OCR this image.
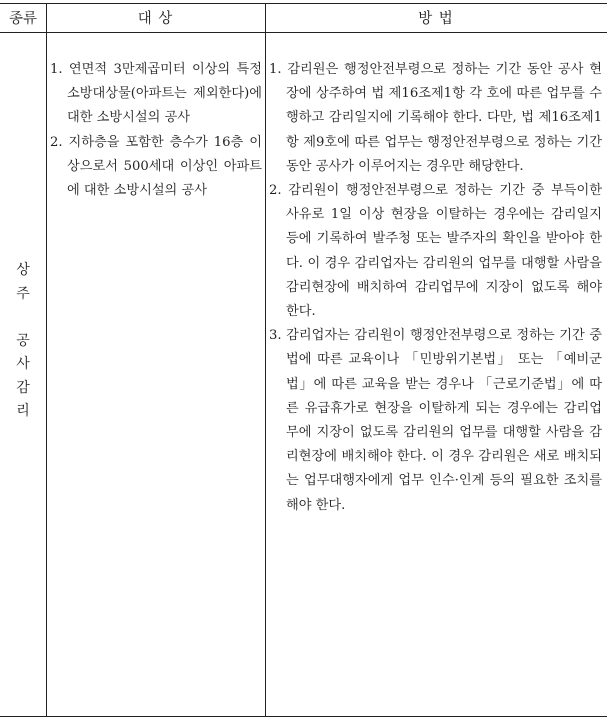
종류	대 상	방 법
상
주
공
사
감
리

1. 연면적 3만제곱미터 이상의 특정소방대상물(아파트는 제외한다)에 대한 소방시설의 공사

2. 지하층을 포함한 층수가 16층 이상으로서 500세대 이상인 아파트에 대한 소방시설의 공사

1. 감리원은 행정안전부령으로 정하는 기간 동안 공사 현장에 상주하여 법 제16조제1항 각 호에 따른 업무를 수행하고 감리일지에 기록해야 한다. 다만, 법 제16조제1항 제9호에 따른 업무는 행정안전부령으로 정하는 기간 동안 공사가 이루어지는 경우만 해당한다.

2. 감리원이 행정안전부령으로 정하는 기간 중 부득이한 사유로 1일 이상 현장을 이탈하는 경우에는 감리일지 등에 기록하여 발주청 또는 발주자의 확인을 받아야 한다. 이 경우 감리업자는 감리원의 업무를 대행할 사람을 감리현장에 배치하여 감리업무에 지장이 없도록 해야 한다.

3. 감리업자는 감리원이 행정안전부령으로 정하는 기간 중 법에 따른 교육이나 「민방위기본법」 또는 「예비군법」에 따른 교육을 받는 경우나 「근로기준법」에 따른 유급휴가로 현장을 이탈하게 되는 경우에는 감리업무에 지장이 없도록 감리원의 업무를 대행할 사람을 감리현장에 배치해야 한다. 이 경우 감리원은 새로 배치되는 업무대행자에게 업무 인수·인계 등의 필요한 조치를 해야 한다.
